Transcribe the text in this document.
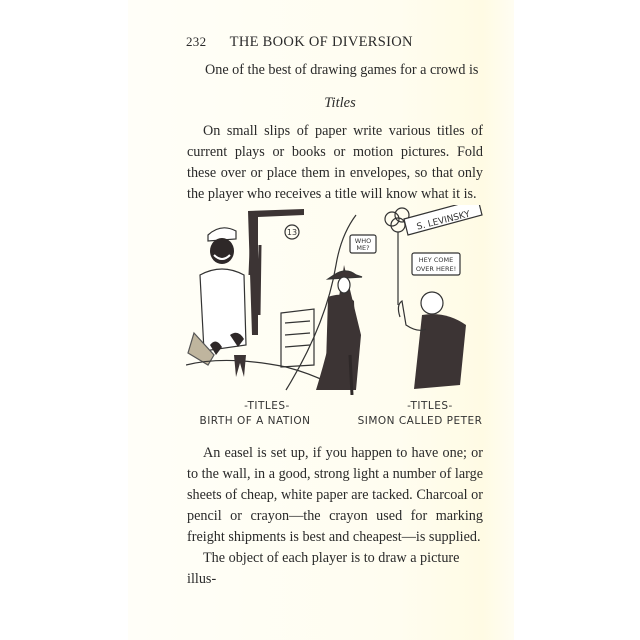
232 THE BOOK OF DIVERSION
One of the best of drawing games for a crowd is
Titles

On small slips of paper write various titles of current plays or books or motion pictures. Fold these over or place them in envelopes, so that only the player who receives a title will know what it is.

13
WHO
ME?
HEY COME
OVER HERE!
S. LEVINSKY
-TITLES-
BIRTH OF A NATION
-TITLES-
SIMON CALLED PETER

An easel is set up, if you happen to have one; or to the wall, in a good, strong light a number of large sheets of cheap, white paper are tacked. Charcoal or pencil or crayon—the crayon used for marking freight shipments is best and cheapest—is supplied.

The object of each player is to draw a picture illus-
